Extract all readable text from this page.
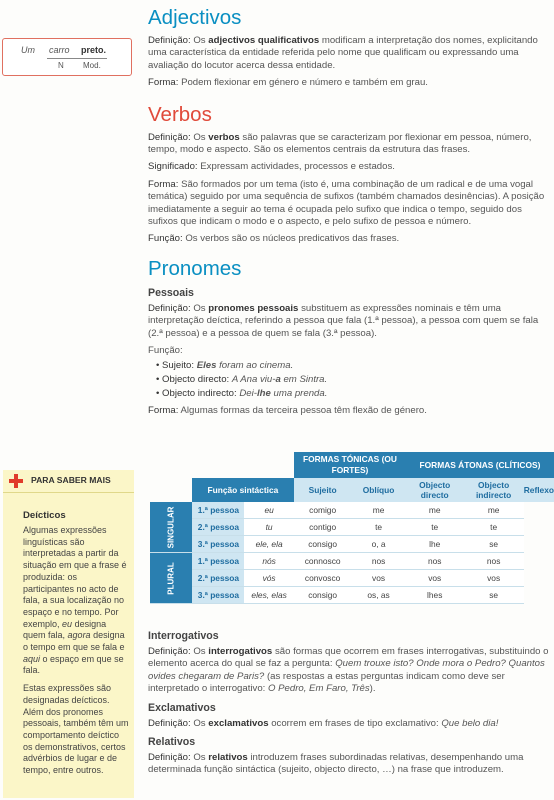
Um carro preto.
N Mod.
PARA SABER MAIS
Deícticos

Algumas expressões linguísticas são interpretadas a partir da situação em que a frase é produzida: os participantes no acto de fala, a sua localização no espaço e no tempo. Por exemplo, eu designa quem fala, agora designa o tempo em que se fala e aqui o espaço em que se fala.

Estas expressões são designadas deícticos. Além dos pronomes pessoais, também têm um comportamento deíctico os demonstrativos, certos advérbios de lugar e de tempo, entre outros.

Adjectivos

Definição: Os adjectivos qualificativos modificam a interpretação dos nomes, explicitando uma característica da entidade referida pelo nome que qualificam ou expressando uma avaliação do locutor acerca dessa entidade.

Forma: Podem flexionar em género e número e também em grau.

Verbos

Definição: Os verbos são palavras que se caracterizam por flexionar em pessoa, número, tempo, modo e aspecto. São os elementos centrais da estrutura das frases.

Significado: Expressam actividades, processos e estados.

Forma: São formados por um tema (isto é, uma combinação de um radical e de uma vogal temática) seguido por uma sequência de sufixos (também chamados desinências). A posição imediatamente a seguir ao tema é ocupada pelo sufixo que indica o tempo, seguido dos sufixos que indicam o modo e o aspecto, e pelo sufixo de pessoa e número.

Função: Os verbos são os núcleos predicativos das frases.

Pronomes
Pessoais

Definição: Os pronomes pessoais substituem as expressões nominais e têm uma interpretação deíctica, referindo a pessoa que fala (1.ª pessoa), a pessoa com quem se fala (2.ª pessoa) e a pessoa de quem se fala (3.ª pessoa).

Função:

• Sujeito: Eles foram ao cinema.
• Objecto directo: A Ana viu-a em Sintra.
• Objecto indirecto: Dei-lhe uma prenda.

Forma: Algumas formas da terceira pessoa têm flexão de género.

			FORMAS TÓNICAS (OU FORTES)		FORMAS ÁTONAS (CLÍTICOS)		
	Função sintáctica		Sujeito	Oblíquo	Objecto directo	Objecto indirecto	Reflexo
SINGULAR	1.ª pessoa	eu	comigo	me	me	me	
	2.ª pessoa	tu	contigo	te	te	te	
	3.ª pessoa	ele, ela	consigo	o, a	lhe	se	
PLURAL	1.ª pessoa	nós	connosco	nos	nos	nos	
	2.ª pessoa	vós	convosco	vos	vos	vos	
	3.ª pessoa	eles, elas	consigo	os, as	lhes	se	
Interrogativos

Definição: Os interrogativos são formas que ocorrem em frases interrogativas, substituindo o elemento acerca do qual se faz a pergunta: Quem trouxe isto? Onde mora o Pedro? Quantos ovides chegaram de Paris? (as respostas a estas perguntas indicam como deve ser interpretado o interrogativo: O Pedro, Em Faro, Três).

Exclamativos

Definição: Os exclamativos ocorrem em frases de tipo exclamativo: Que belo dia!

Relativos

Definição: Os relativos introduzem frases subordinadas relativas, desempenhando uma determinada função sintáctica (sujeito, objecto directo, …) na frase que introduzem.
